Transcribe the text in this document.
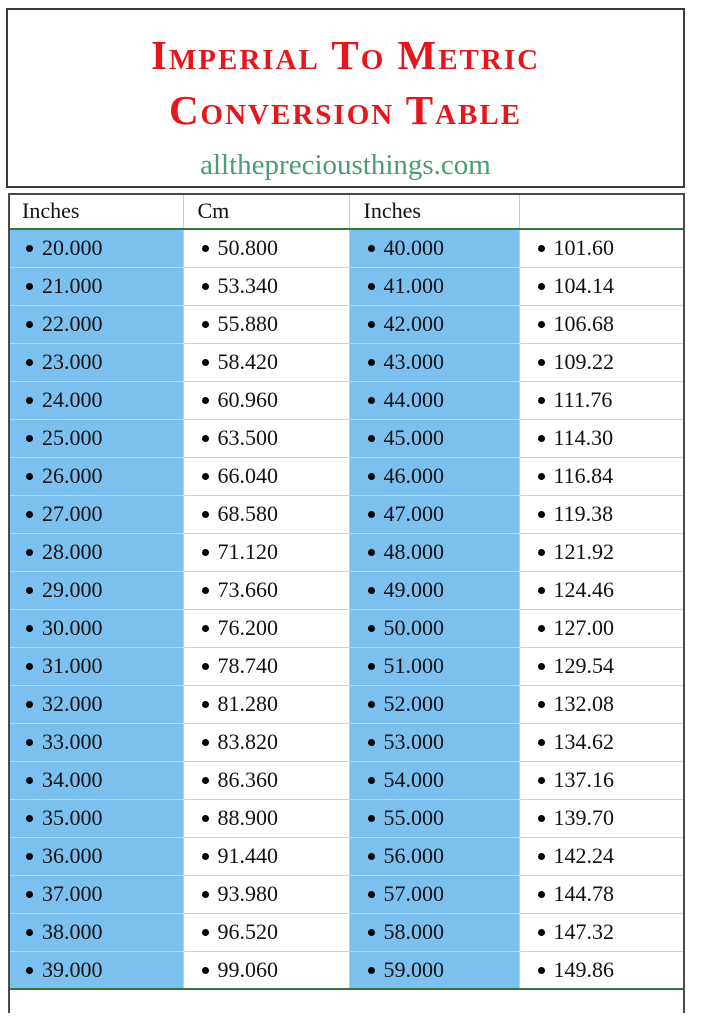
Imperial To Metric
Conversion Table
allthepreciousthings.com
Inches	Cm	Inches	
20.000	50.800	40.000	101.60
21.000	53.340	41.000	104.14
22.000	55.880	42.000	106.68
23.000	58.420	43.000	109.22
24.000	60.960	44.000	111.76
25.000	63.500	45.000	114.30
26.000	66.040	46.000	116.84
27.000	68.580	47.000	119.38
28.000	71.120	48.000	121.92
29.000	73.660	49.000	124.46
30.000	76.200	50.000	127.00
31.000	78.740	51.000	129.54
32.000	81.280	52.000	132.08
33.000	83.820	53.000	134.62
34.000	86.360	54.000	137.16
35.000	88.900	55.000	139.70
36.000	91.440	56.000	142.24
37.000	93.980	57.000	144.78
38.000	96.520	58.000	147.32
39.000	99.060	59.000	149.86
